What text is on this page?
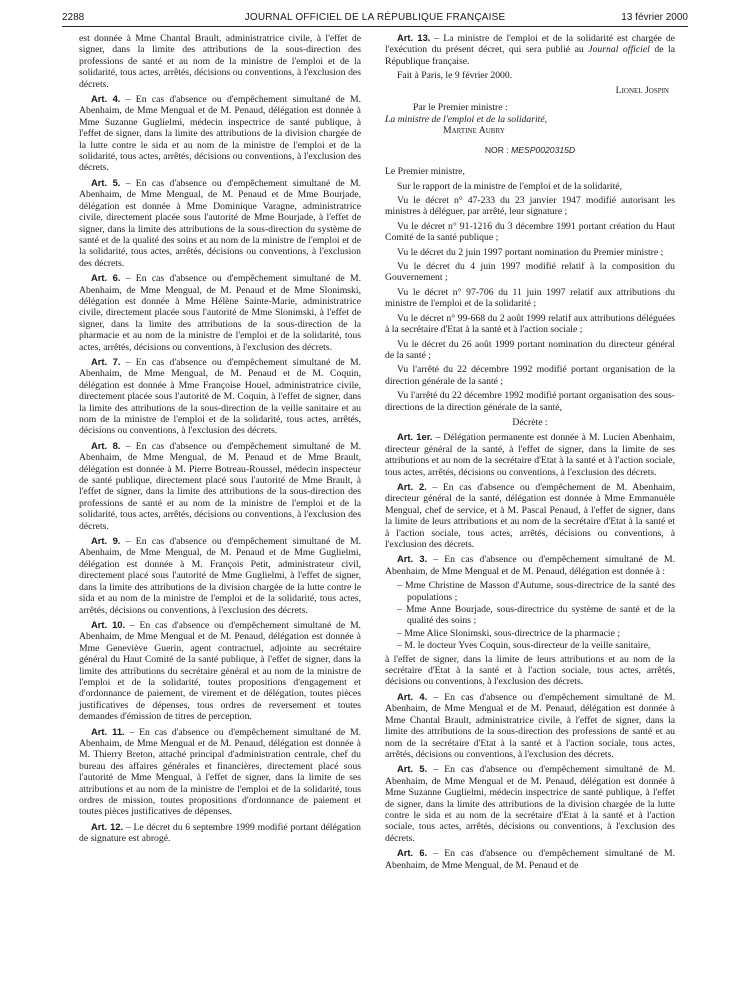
2288	JOURNAL OFFICIEL DE LA RÉPUBLIQUE FRANÇAISE	13 février 2000

est donnée à Mme Chantal Brault, administratrice civile, à l'effet de signer, dans la limite des attributions de la sous-direction des professions de santé et au nom de la ministre de l'emploi et de la solidarité, tous actes, arrêtés, décisions ou conventions, à l'exclusion des décrets.

Art. 4. – En cas d'absence ou d'empêchement simultané de M. Abenhaim, de Mme Mengual et de M. Penaud, délégation est donnée à Mme Suzanne Guglielmi, médecin inspectrice de santé publique, à l'effet de signer, dans la limite des attributions de la division chargée de la lutte contre le sida et au nom de la ministre de l'emploi et de la solidarité, tous actes, arrêtés, décisions ou conventions, à l'exclusion des décrets.

Art. 5. – En cas d'absence ou d'empêchement simultané de M. Abenhaim, de Mme Mengual, de M. Penaud et de Mme Bourjade, délégation est donnée à Mme Dominique Varagne, administratrice civile, directement placée sous l'autorité de Mme Bourjade, à l'effet de signer, dans la limite des attributions de la sous-direction du système de santé et de la qualité des soins et au nom de la ministre de l'emploi et de la solidarité, tous actes, arrêtés, décisions ou conventions, à l'exclusion des décrets.

Art. 6. – En cas d'absence ou d'empêchement simultané de M. Abenhaim, de Mme Mengual, de M. Penaud et de Mme Slonimski, délégation est donnée à Mme Hélène Sainte-Marie, administratrice civile, directement placée sous l'autorité de Mme Slonimski, à l'effet de signer, dans la limite des attributions de la sous-direction de la pharmacie et au nom de la ministre de l'emploi et de la solidarité, tous actes, arrêtés, décisions ou conventions, à l'exclusion des décrets.

Art. 7. – En cas d'absence ou d'empêchement simultané de M. Abenhaim, de Mme Mengual, de M. Penaud et de M. Coquin, délégation est donnée à Mme Françoise Houel, administratrice civile, directement placée sous l'autorité de M. Coquin, à l'effet de signer, dans la limite des attributions de la sous-direction de la veille sanitaire et au nom de la ministre de l'emploi et de la solidarité, tous actes, arrêtés, décisions ou conventions, à l'exclusion des décrets.

Art. 8. – En cas d'absence ou d'empêchement simultané de M. Abenhaim, de Mme Mengual, de M. Penaud et de Mme Brault, délégation est donnée à M. Pierre Botreau-Roussel, médecin inspecteur de santé publique, directement placé sous l'autorité de Mme Brault, à l'effet de signer, dans la limite des attributions de la sous-direction des professions de santé et au nom de la ministre de l'emploi et de la solidarité, tous actes, arrêtés, décisions ou conventions, à l'exclusion des décrets.

Art. 9. – En cas d'absence ou d'empêchement simultané de M. Abenhaim, de Mme Mengual, de M. Penaud et de Mme Guglielmi, délégation est donnée à M. François Petit, administrateur civil, directement placé sous l'autorité de Mme Guglielmi, à l'effet de signer, dans la limite des attributions de la division chargée de la lutte contre le sida et au nom de la ministre de l'emploi et de la solidarité, tous actes, arrêtés, décisions ou conventions, à l'exclusion des décrets.

Art. 10. – En cas d'absence ou d'empêchement simultané de M. Abenhaim, de Mme Mengual et de M. Penaud, délégation est donnée à Mme Geneviève Guerin, agent contractuel, adjointe au secrétaire général du Haut Comité de la santé publique, à l'effet de signer, dans la limite des attributions du secrétaire général et au nom de la ministre de l'emploi et de la solidarité, toutes propositions d'engagement et d'ordonnance de paiement, de virement et de délégation, toutes pièces justificatives de dépenses, tous ordres de reversement et toutes demandes d'émission de titres de perception.

Art. 11. – En cas d'absence ou d'empêchement simultané de M. Abenhaim, de Mme Mengual et de M. Penaud, délégation est donnée à M. Thierry Breton, attaché principal d'administration centrale, chef du bureau des affaires générales et financières, directement placé sous l'autorité de Mme Mengual, à l'effet de signer, dans la limite de ses attributions et au nom de la ministre de l'emploi et de la solidarité, tous ordres de mission, toutes propositions d'ordonnance de paiement et toutes pièces justificatives de dépenses.

Art. 12. – Le décret du 6 septembre 1999 modifié portant délégation de signature est abrogé.

Art. 13. – La ministre de l'emploi et de la solidarité est chargée de l'exécution du présent décret, qui sera publié au Journal officiel de la République française.

Fait à Paris, le 9 février 2000.

Lionel Jospin
Par le Premier ministre :
La ministre de l'emploi et de la solidarité,
Martine Aubry
NOR : MESP0020315D

Le Premier ministre,

Sur le rapport de la ministre de l'emploi et de la solidarité,

Vu le décret n° 47-233 du 23 janvier 1947 modifié autorisant les ministres à déléguer, par arrêté, leur signature ;

Vu le décret n° 91-1216 du 3 décembre 1991 portant création du Haut Comité de la santé publique ;

Vu le décret du 2 juin 1997 portant nomination du Premier ministre ;

Vu le décret du 4 juin 1997 modifié relatif à la composition du Gouvernement ;

Vu le décret n° 97-706 du 11 juin 1997 relatif aux attributions du ministre de l'emploi et de la solidarité ;

Vu le décret n° 99-668 du 2 août 1999 relatif aux attributions déléguées à la secrétaire d'Etat à la santé et à l'action sociale ;

Vu le décret du 26 août 1999 portant nomination du directeur général de la santé ;

Vu l'arrêté du 22 décembre 1992 modifié portant organisation de la direction générale de la santé ;

Vu l'arrêté du 22 décembre 1992 modifié portant organisation des sous-directions de la direction générale de la santé,

Décrète :

Art. 1er. – Délégation permanente est donnée à M. Lucien Abenhaim, directeur général de la santé, à l'effet de signer, dans la limite de ses attributions et au nom de la secrétaire d'Etat à la santé et à l'action sociale, tous actes, arrêtés, décisions ou conventions, à l'exclusion des décrets.

Art. 2. – En cas d'absence ou d'empêchement de M. Abenhaim, directeur général de la santé, délégation est donnée à Mme Emmanuèle Mengual, chef de service, et à M. Pascal Penaud, à l'effet de signer, dans la limite de leurs attributions et au nom de la secrétaire d'Etat à la santé et à l'action sociale, tous actes, arrêtés, décisions ou conventions, à l'exclusion des décrets.

Art. 3. – En cas d'absence ou d'empêchement simultané de M. Abenhaim, de Mme Mengual et de M. Penaud, délégation est donnée à :

– Mme Christine de Masson d'Autume, sous-directrice de la santé des populations ;
– Mme Anne Bourjade, sous-directrice du système de santé et de la qualité des soins ;
– Mme Alice Slonimski, sous-directrice de la pharmacie ;
– M. le docteur Yves Coquin, sous-directeur de la veille sanitaire,

à l'effet de signer, dans la limite de leurs attributions et au nom de la secrétaire d'Etat à la santé et à l'action sociale, tous actes, arrêtés, décisions ou conventions, à l'exclusion des décrets.

Art. 4. – En cas d'absence ou d'empêchement simultané de M. Abenhaim, de Mme Mengual et de M. Penaud, délégation est donnée à Mme Chantal Brault, administratrice civile, à l'effet de signer, dans la limite des attributions de la sous-direction des professions de santé et au nom de la secrétaire d'Etat à la santé et à l'action sociale, tous actes, arrêtés, décisions ou conventions, à l'exclusion des décrets.

Art. 5. – En cas d'absence ou d'empêchement simultané de M. Abenhaim, de Mme Mengual et de M. Penaud, délégation est donnée à Mme Suzanne Guglielmi, médecin inspectrice de santé publique, à l'effet de signer, dans la limite des attributions de la division chargée de la lutte contre le sida et au nom de la secrétaire d'Etat à la santé et à l'action sociale, tous actes, arrêtés, décisions ou conventions, à l'exclusion des décrets.

Art. 6. – En cas d'absence ou d'empêchement simultané de M. Abenhaim, de Mme Mengual, de M. Penaud et de
